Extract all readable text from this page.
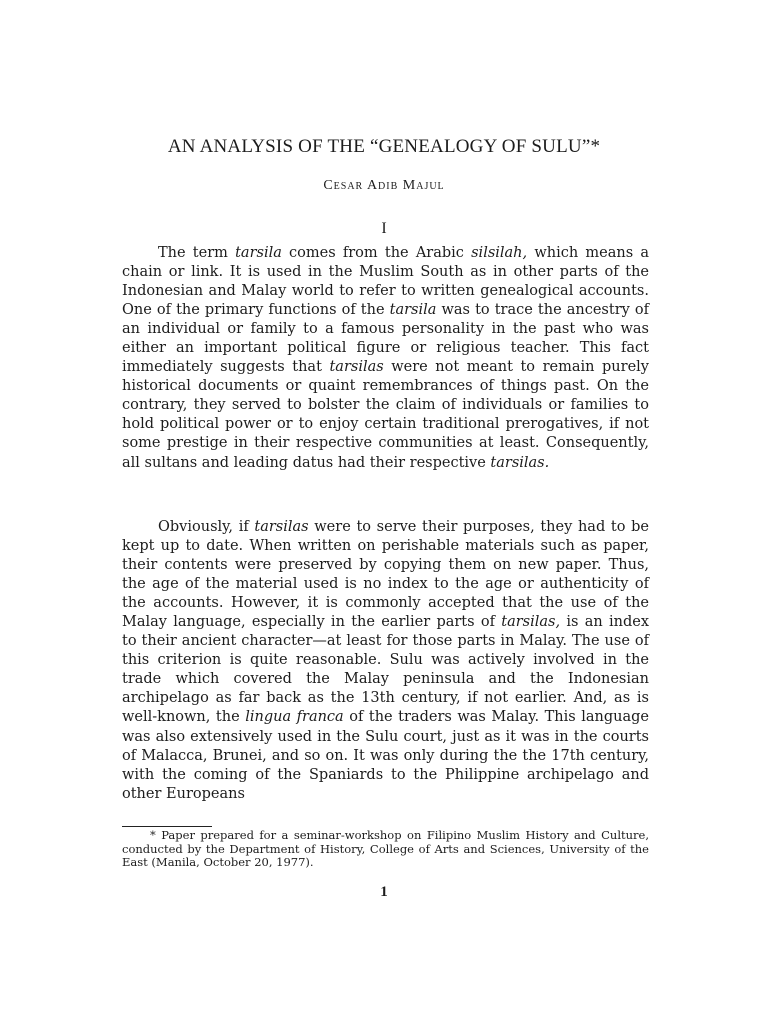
AN ANALYSIS OF THE “GENEALOGY OF SULU”*
Cesar Adib Majul
I

The term tarsila comes from the Arabic silsilah, which means a chain or link. It is used in the Muslim South as in other parts of the Indonesian and Malay world to refer to written genealogical accounts. One of the primary functions of the tarsila was to trace the ancestry of an individual or family to a famous personality in the past who was either an important political figure or religious teacher. This fact immediately suggests that tarsilas were not meant to remain purely historical documents or quaint remembrances of things past. On the contrary, they served to bolster the claim of individuals or families to hold political power or to enjoy certain traditional prerogatives, if not some prestige in their respective communities at least. Consequently, all sultans and leading datus had their respective tarsilas.

Obviously, if tarsilas were to serve their purposes, they had to be kept up to date. When written on perishable materials such as paper, their contents were preserved by copying them on new paper. Thus, the age of the material used is no index to the age or authenticity of the accounts. However, it is commonly accepted that the use of the Malay language, especially in the earlier parts of tarsilas, is an index to their ancient character—at least for those parts in Malay. The use of this criterion is quite reasonable. Sulu was actively involved in the trade which covered the Malay peninsula and the Indonesian archipelago as far back as the 13th century, if not earlier. And, as is well-known, the lingua franca of the traders was Malay. This language was also extensively used in the Sulu court, just as it was in the courts of Malacca, Brunei, and so on. It was only during the the 17th century, with the coming of the Spaniards to the Philippine archipelago and other Europeans

* Paper prepared for a seminar-workshop on Filipino Muslim History and Culture, conducted by the Department of History, College of Arts and Sciences, University of the East (Manila, October 20, 1977).

1
